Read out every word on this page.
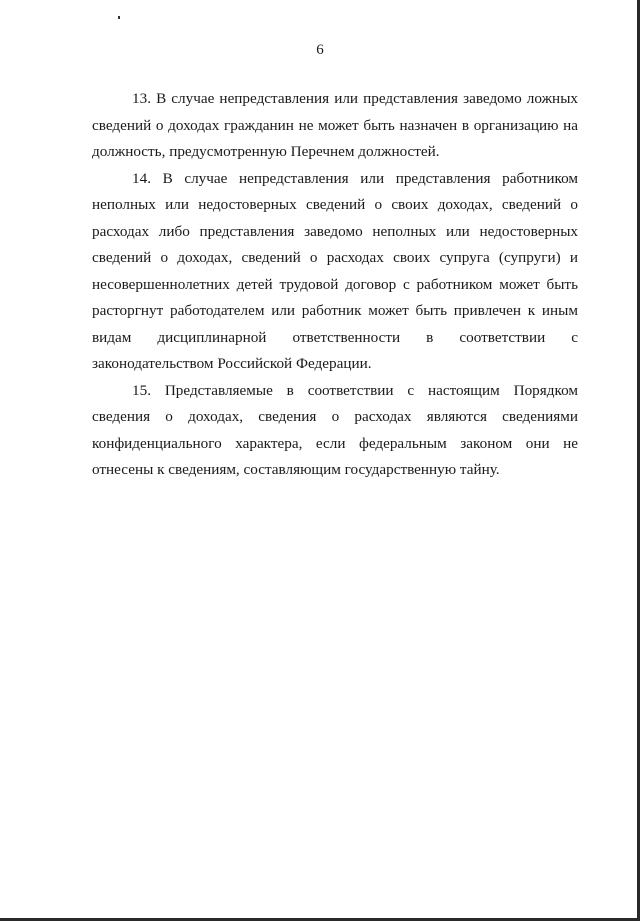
6

13. В случае непредставления или представления заведомо ложных сведений о доходах гражданин не может быть назначен в организацию на должность, предусмотренную Перечнем должностей.

14. В случае непредставления или представления работником неполных или недостоверных сведений о своих доходах, сведений о расходах либо представления заведомо неполных или недостоверных сведений о доходах, сведений о расходах своих супруга (супруги) и несовершеннолетних детей трудовой договор с работником может быть расторгнут работодателем или работник может быть привлечен к иным видам дисциплинарной ответственности в соответствии с законодательством Российской Федерации.

15. Представляемые в соответствии с настоящим Порядком сведения о доходах, сведения о расходах являются сведениями конфиденциального характера, если федеральным законом они не отнесены к сведениям, составляющим государственную тайну.
